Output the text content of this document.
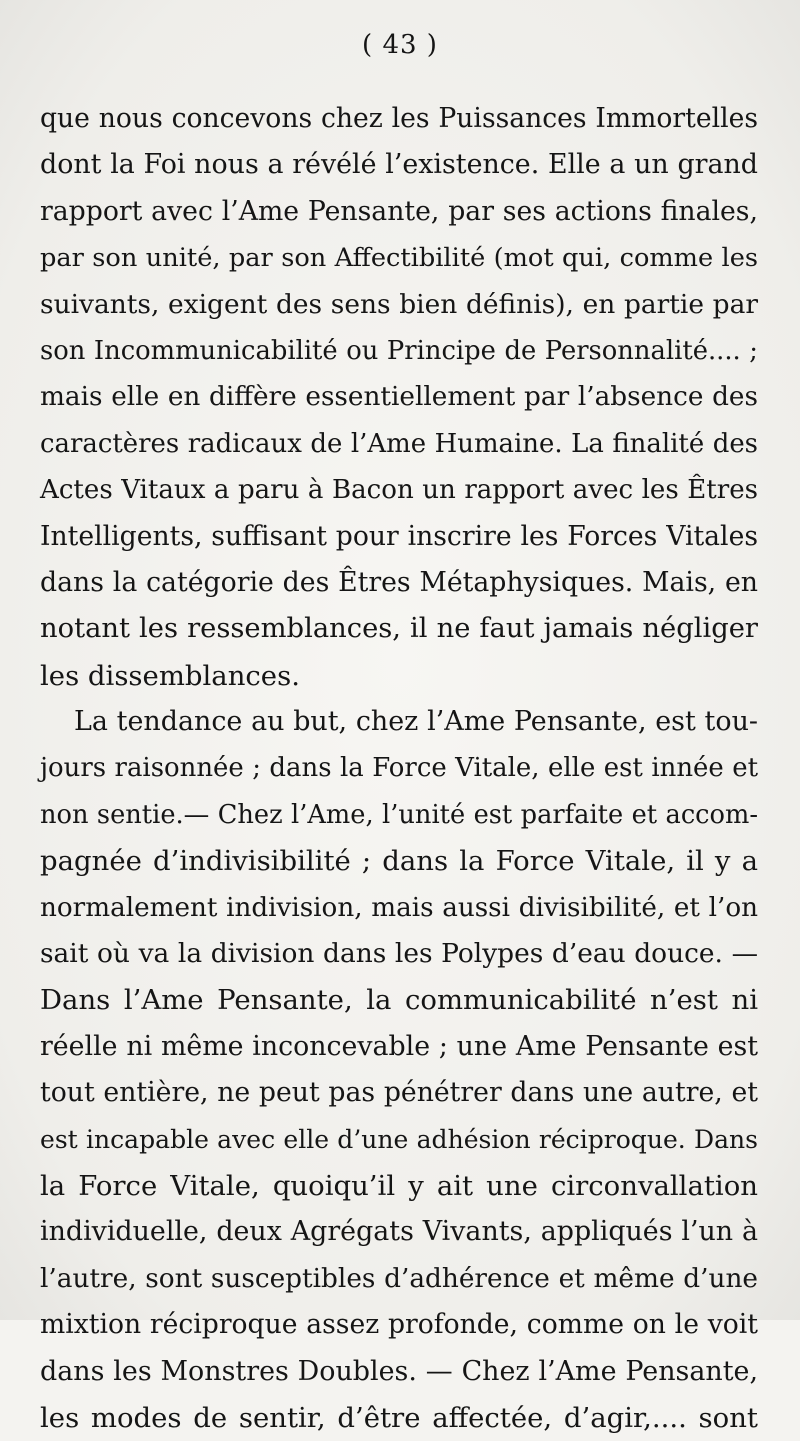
( 43 )
que nous concevons chez les Puissances Immortelles
dont la Foi nous a révélé l’existence. Elle a un grand
rapport avec l’Ame Pensante, par ses actions finales,
par son unité, par son Affectibilité (mot qui, comme les
suivants, exigent des sens bien définis), en partie par
son Incommunicabilité ou Principe de Personnalité.... ;
mais elle en diffère essentiellement par l’absence des
caractères radicaux de l’Ame Humaine. La finalité des
Actes Vitaux a paru à Bacon un rapport avec les Êtres
Intelligents, suffisant pour inscrire les Forces Vitales
dans la catégorie des Êtres Métaphysiques. Mais, en
notant les ressemblances, il ne faut jamais négliger
les dissemblances.
La tendance au but, chez l’Ame Pensante, est tou-
jours raisonnée ; dans la Force Vitale, elle est innée et
non sentie.— Chez l’Ame, l’unité est parfaite et accom-
pagnée d’indivisibilité ; dans la Force Vitale, il y a
normalement indivision, mais aussi divisibilité, et l’on
sait où va la division dans les Polypes d’eau douce. —
Dans l’Ame Pensante, la communicabilité n’est ni
réelle ni même inconcevable ; une Ame Pensante est
tout entière, ne peut pas pénétrer dans une autre, et
est incapable avec elle d’une adhésion réciproque. Dans
la Force Vitale, quoiqu’il y ait une circonvallation
individuelle, deux Agrégats Vivants, appliqués l’un à
l’autre, sont susceptibles d’adhérence et même d’une
mixtion réciproque assez profonde, comme on le voit
dans les Monstres Doubles. — Chez l’Ame Pensante,
les modes de sentir, d’être affectée, d’agir,.... sont
